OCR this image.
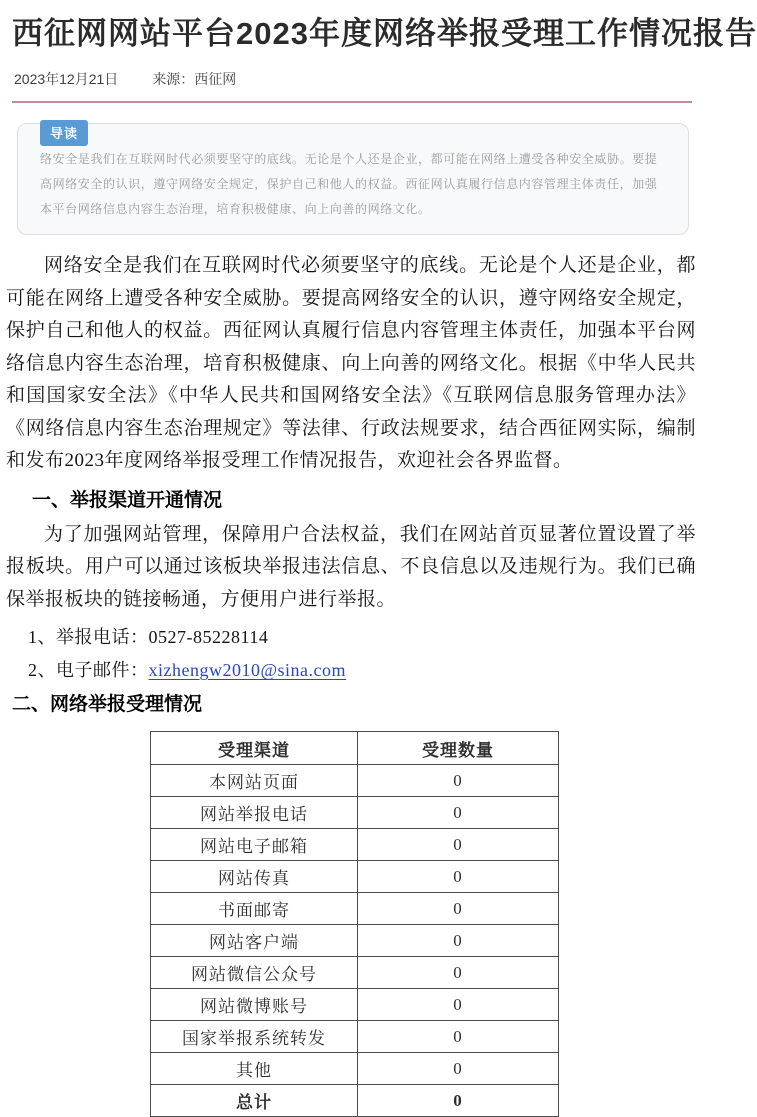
西征网网站平台2023年度网络举报受理工作情况报告
2023年12月21日 来源：西征网
导读
络安全是我们在互联网时代必须要坚守的底线。无论是个人还是企业，都可能在网络上遭受各种安全威胁。要提高网络安全的认识，遵守网络安全规定，保护自己和他人的权益。西征网认真履行信息内容管理主体责任，加强本平台网络信息内容生态治理，培育积极健康、向上向善的网络文化。

网络安全是我们在互联网时代必须要坚守的底线。无论是个人还是企业，都可能在网络上遭受各种安全威胁。要提高网络安全的认识，遵守网络安全规定，保护自己和他人的权益。西征网认真履行信息内容管理主体责任，加强本平台网络信息内容生态治理，培育积极健康、向上向善的网络文化。根据《中华人民共和国国家安全法》《中华人民共和国网络安全法》《互联网信息服务管理办法》《网络信息内容生态治理规定》等法律、行政法规要求，结合西征网实际，编制和发布2023年度网络举报受理工作情况报告，欢迎社会各界监督。

一、举报渠道开通情况

为了加强网站管理，保障用户合法权益，我们在网站首页显著位置设置了举报板块。用户可以通过该板块举报违法信息、不良信息以及违规行为。我们已确保举报板块的链接畅通，方便用户进行举报。

1、举报电话：0527-85228114
2、电子邮件：xizhengw2010@sina.com
二、网络举报受理情况
受理渠道	受理数量
本网站页面	0
网站举报电话	0
网站电子邮箱	0
网站传真	0
书面邮寄	0
网站客户端	0
网站微信公众号	0
网站微博账号	0
国家举报系统转发	0
其他	0
总计	0
